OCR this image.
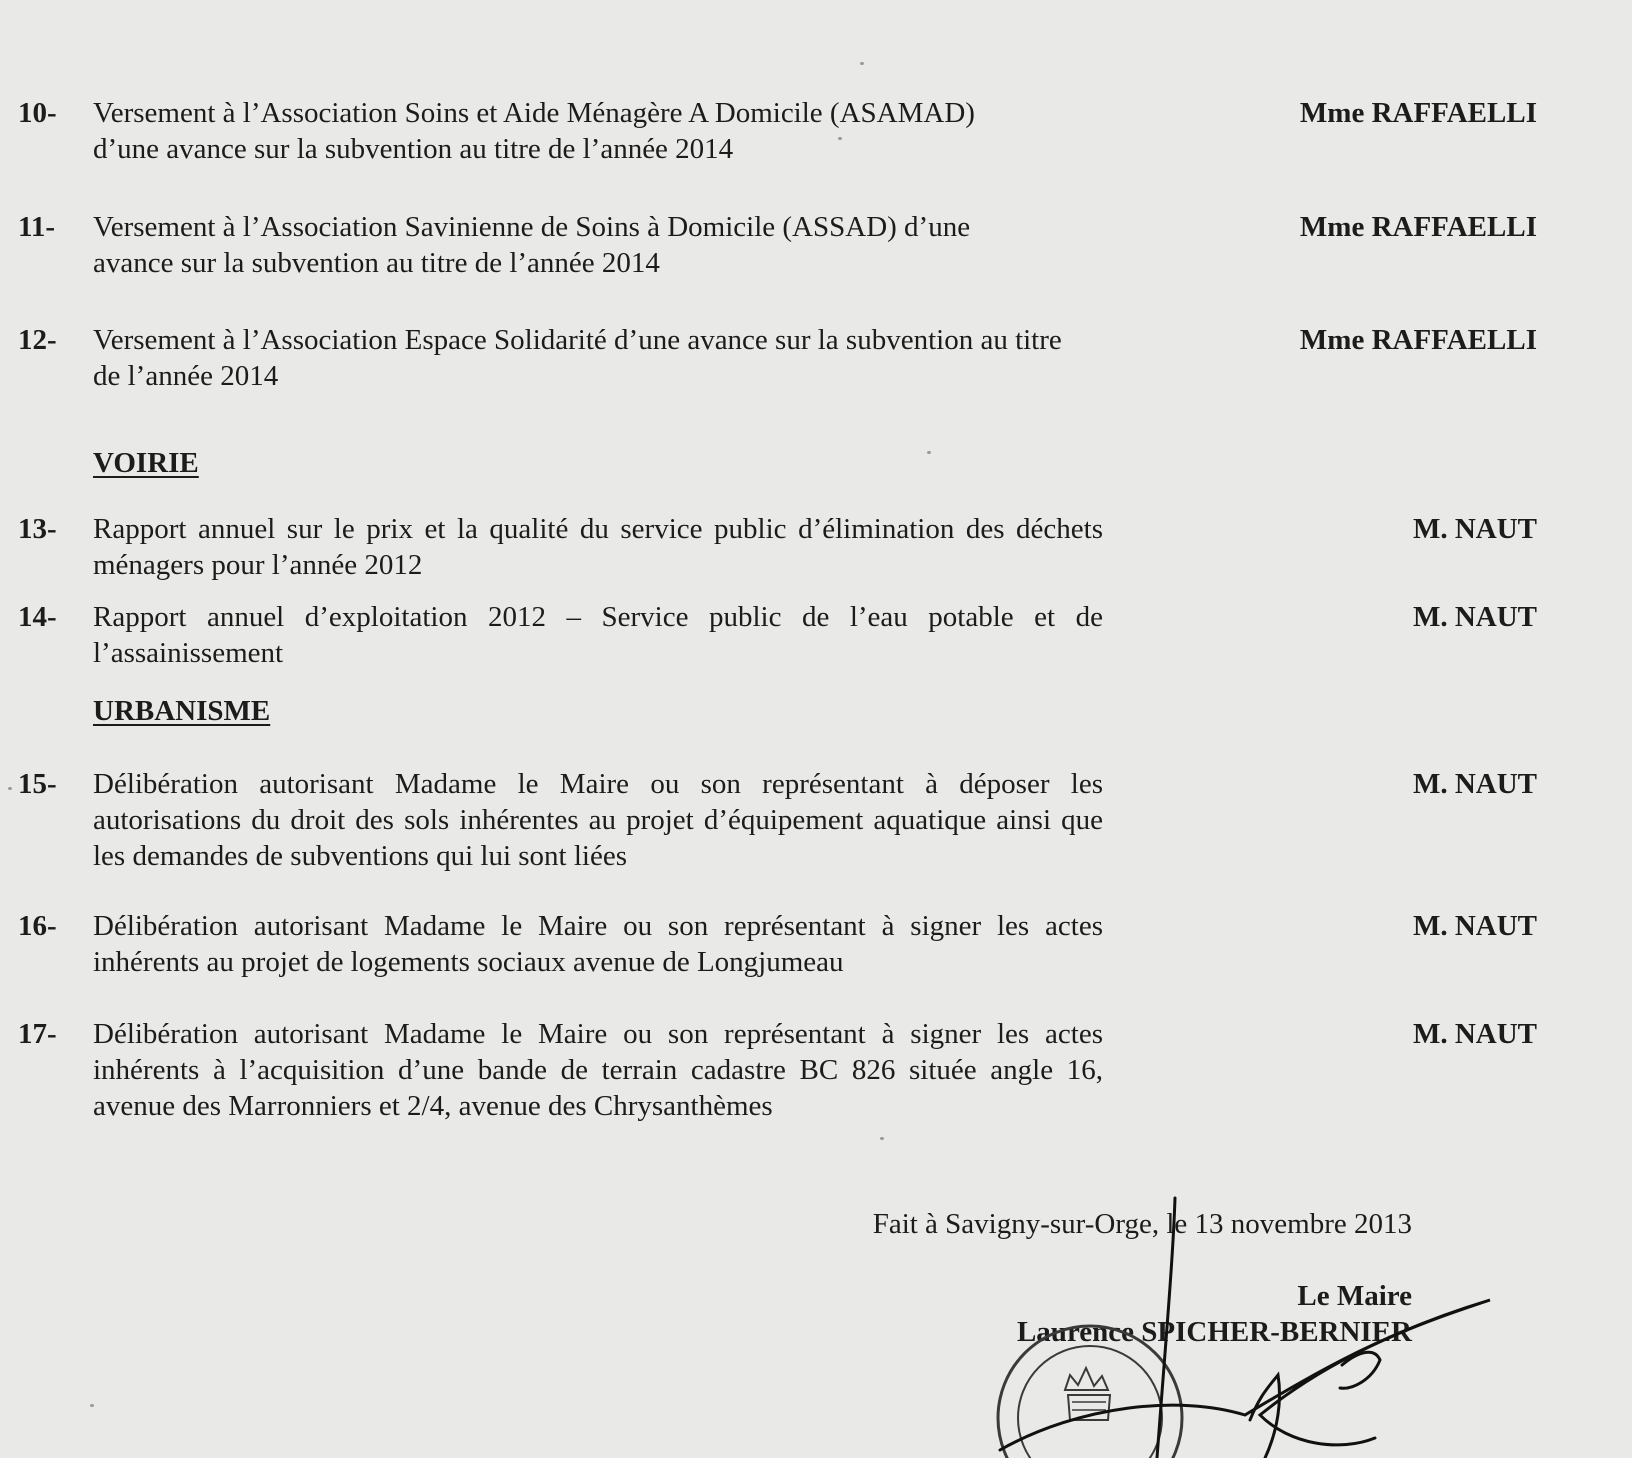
10- Versement à l’Association Soins et Aide Ménagère A Domicile (ASAMAD) d’une avance sur la subvention au titre de l’année 2014
Mme RAFFAELLI
11- Versement à l’Association Savinienne de Soins à Domicile (ASSAD) d’une avance sur la subvention au titre de l’année 2014
Mme RAFFAELLI
12- Versement à l’Association Espace Solidarité d’une avance sur la subvention au titre de l’année 2014
Mme RAFFAELLI
VOIRIE
13- Rapport annuel sur le prix et la qualité du service public d’élimination des déchets ménagers pour l’année 2012
M. NAUT
14- Rapport annuel d’exploitation 2012 – Service public de l’eau potable et de l’assainissement
M. NAUT
URBANISME
15- Délibération autorisant Madame le Maire ou son représentant à déposer les autorisations du droit des sols inhérentes au projet d’équipement aquatique ainsi que les demandes de subventions qui lui sont liées
M. NAUT
16- Délibération autorisant Madame le Maire ou son représentant à signer les actes inhérents au projet de logements sociaux avenue de Longjumeau
M. NAUT
17- Délibération autorisant Madame le Maire ou son représentant à signer les actes inhérents à l’acquisition d’une bande de terrain cadastre BC 826 située angle 16, avenue des Marronniers et 2/4, avenue des Chrysanthèmes
M. NAUT
Fait à Savigny-sur-Orge, le 13 novembre 2013
Le Maire
Laurence SPICHER-BERNIER
